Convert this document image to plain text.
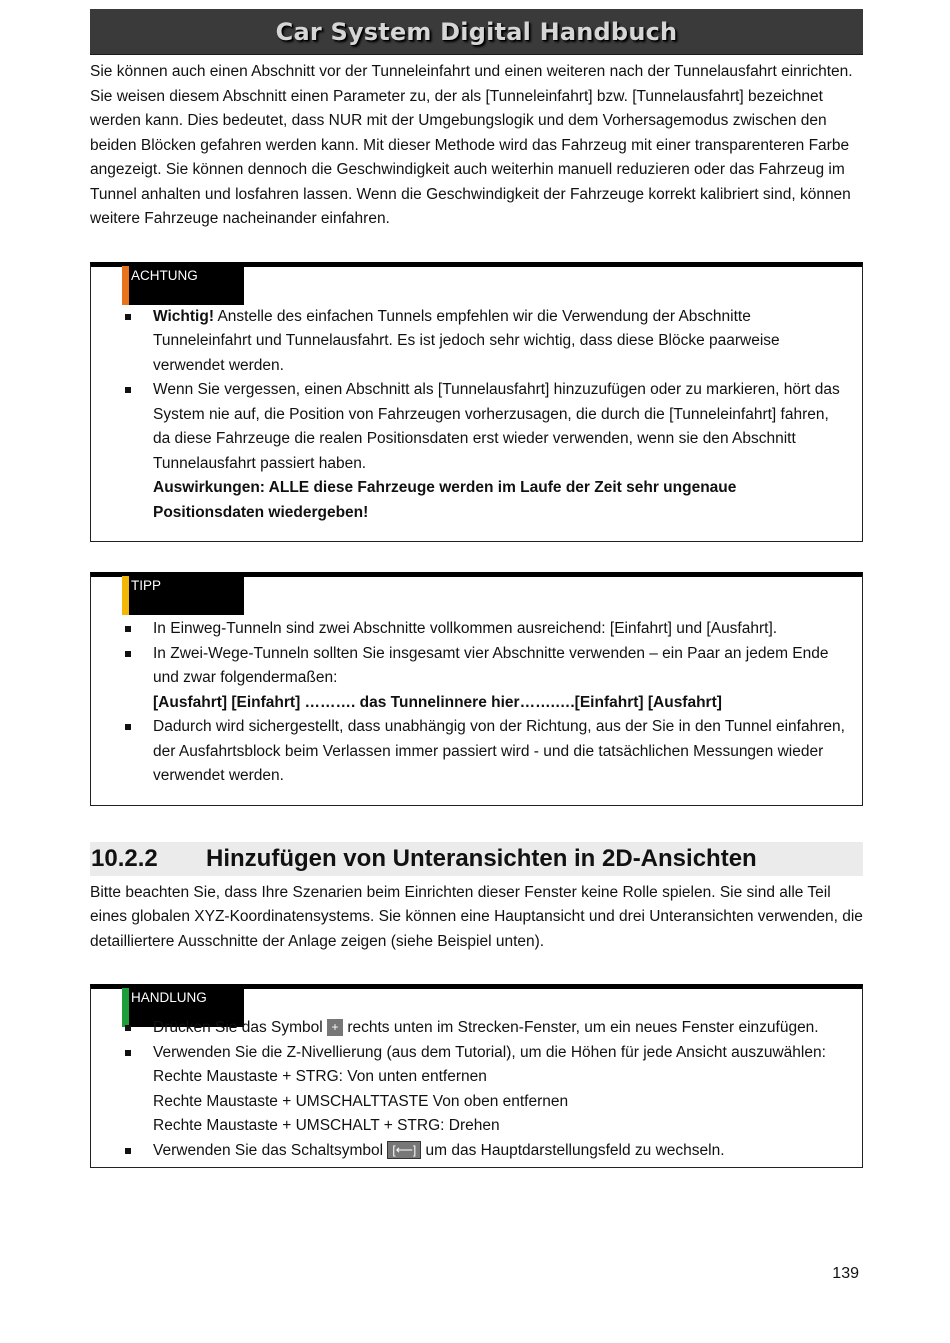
Car System Digital Handbuch

Sie können auch einen Abschnitt vor der Tunneleinfahrt und einen weiteren nach der Tunnelausfahrt einrichten. Sie weisen diesem Abschnitt einen Parameter zu, der als [Tunneleinfahrt] bzw. [Tunnelausfahrt] bezeichnet werden kann. Dies bedeutet, dass NUR mit der Umgebungslogik und dem Vorhersagemodus zwischen den beiden Blöcken gefahren werden kann. Mit dieser Methode wird das Fahrzeug mit einer transparenteren Farbe angezeigt. Sie können dennoch die Geschwindigkeit auch weiterhin manuell reduzieren oder das Fahrzeug im Tunnel anhalten und losfahren lassen. Wenn die Geschwindigkeit der Fahrzeuge korrekt kalibriert sind, können weitere Fahrzeuge nacheinander einfahren.

ACHTUNG
Wichtig! Anstelle des einfachen Tunnels empfehlen wir die Verwendung der Abschnitte Tunneleinfahrt und Tunnelausfahrt. Es ist jedoch sehr wichtig, dass diese Blöcke paarweise verwendet werden.
Wenn Sie vergessen, einen Abschnitt als [Tunnelausfahrt] hinzuzufügen oder zu markieren, hört das System nie auf, die Position von Fahrzeugen vorherzusagen, die durch die [Tunneleinfahrt] fahren, da diese Fahrzeuge die realen Positionsdaten erst wieder verwenden, wenn sie den Abschnitt Tunnelausfahrt passiert haben.
Auswirkungen: ALLE diese Fahrzeuge werden im Laufe der Zeit sehr ungenaue Positionsdaten wiedergeben!
TIPP
In Einweg-Tunneln sind zwei Abschnitte vollkommen ausreichend: [Einfahrt] und [Ausfahrt].
In Zwei-Wege-Tunneln sollten Sie insgesamt vier Abschnitte verwenden – ein Paar an jedem Ende und zwar folgendermaßen:
[Ausfahrt] [Einfahrt] ………. das Tunnelinnere hier…….….[Einfahrt] [Ausfahrt]
Dadurch wird sichergestellt, dass unabhängig von der Richtung, aus der Sie in den Tunnel einfahren, der Ausfahrtsblock beim Verlassen immer passiert wird - und die tatsächlichen Messungen wieder verwendet werden.
10.2.2	Hinzufügen von Unteransichten in 2D-Ansichten

Bitte beachten Sie, dass Ihre Szenarien beim Einrichten dieser Fenster keine Rolle spielen. Sie sind alle Teil eines globalen XYZ-Koordinatensystems. Sie können eine Hauptansicht und drei Unteransichten verwenden, die detailliertere Ausschnitte der Anlage zeigen (siehe Beispiel unten).

HANDLUNG
Drücken Sie das Symbol + rechts unten im Strecken-Fenster, um ein neues Fenster einzufügen.
Verwenden Sie die Z-Nivellierung (aus dem Tutorial), um die Höhen für jede Ansicht auszuwählen:
Rechte Maustaste + STRG: Von unten entfernen
Rechte Maustaste + UMSCHALTTASTE Von oben entfernen
Rechte Maustaste + UMSCHALT + STRG: Drehen
Verwenden Sie das Schaltsymbol [⟵] um das Hauptdarstellungsfeld zu wechseln.
139
